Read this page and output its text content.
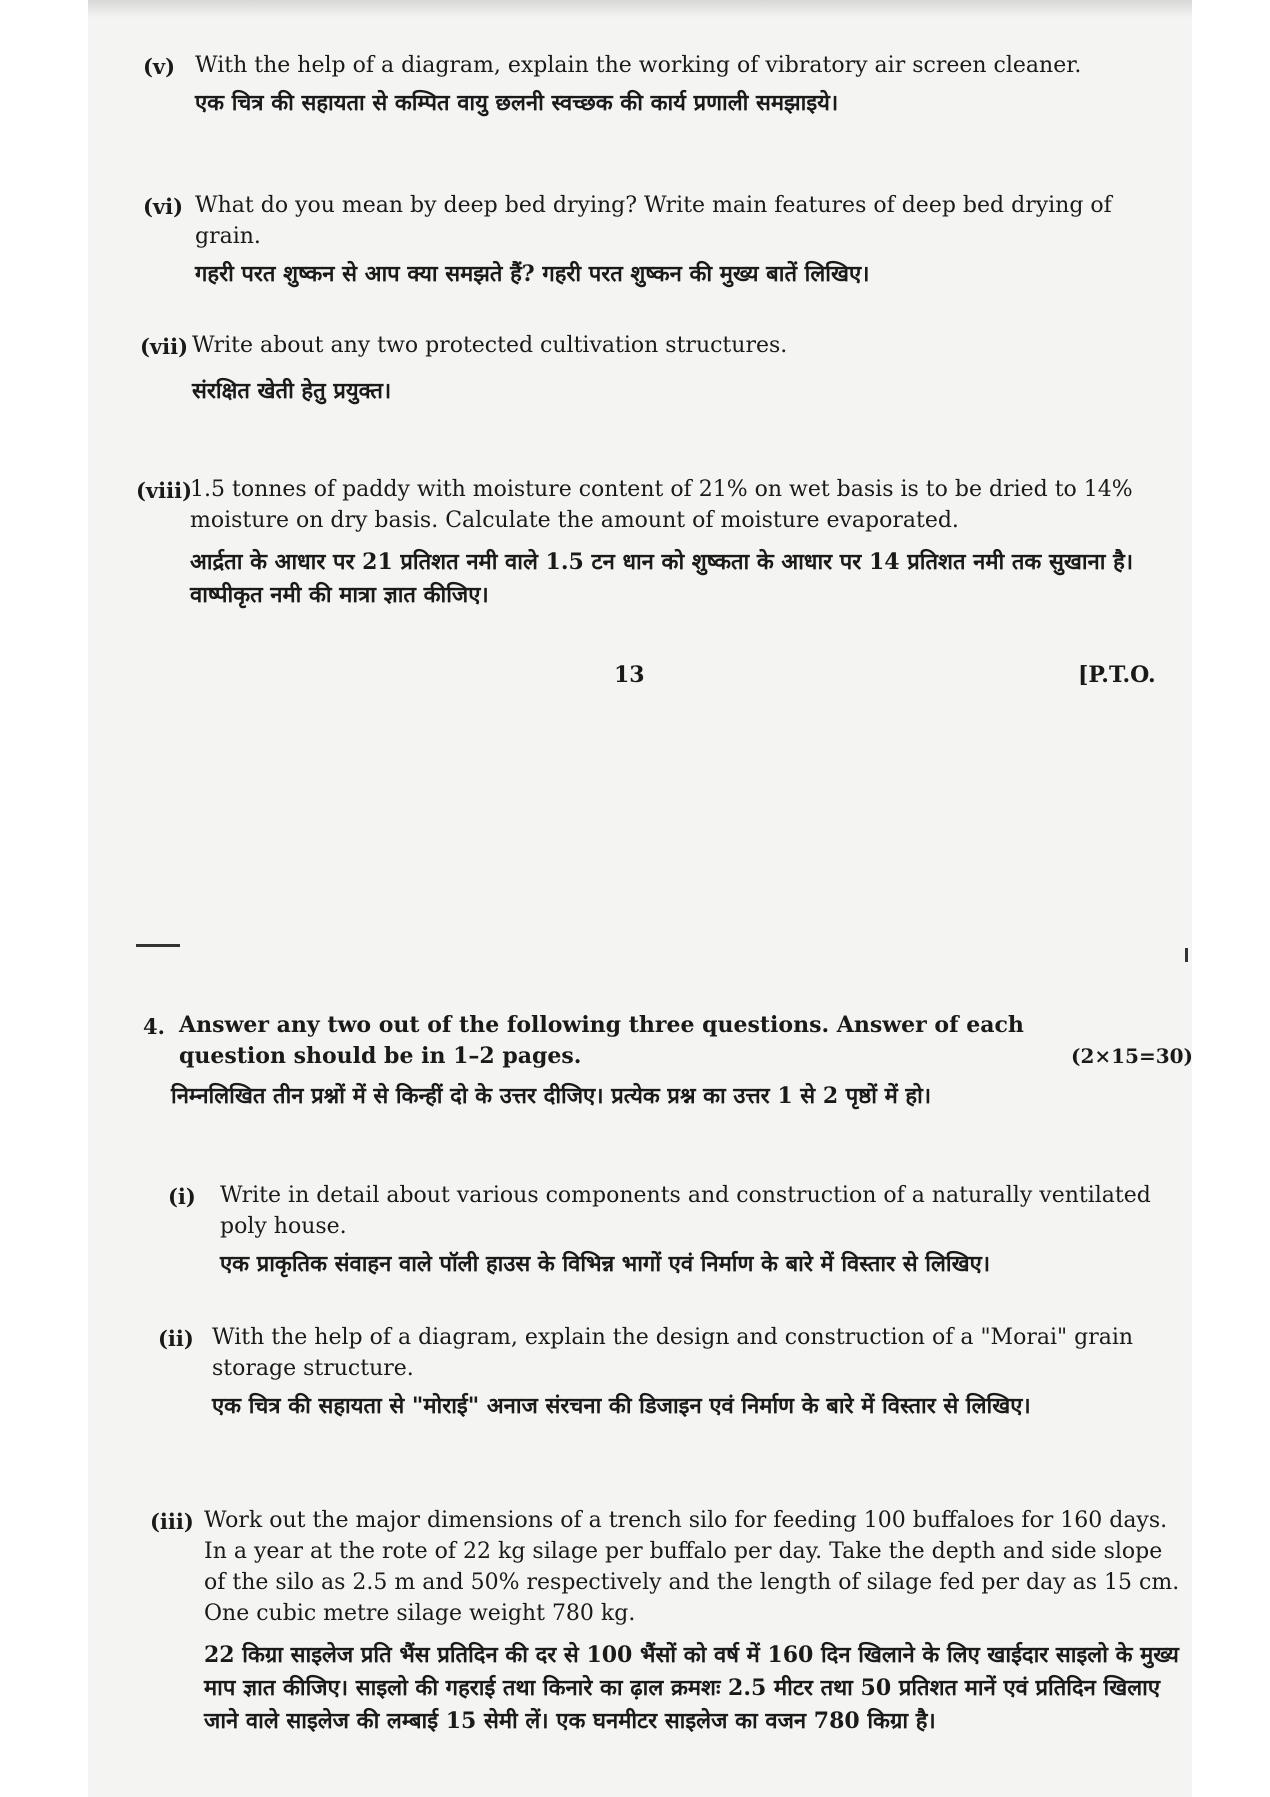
(v) With the help of a diagram, explain the working of vibratory air screen cleaner.
एक चित्र की सहायता से कम्पित वायु छलनी स्वच्छक की कार्य प्रणाली समझाइये।
(vi) What do you mean by deep bed drying? Write main features of deep bed drying of grain.
गहरी परत शुष्कन से आप क्या समझते हैं? गहरी परत शुष्कन की मुख्य बातें लिखिए।
(vii) Write about any two protected cultivation structures.
संरक्षित खेती हेतु प्रयुक्त।
(viii)
1.5 tonnes of paddy with moisture content of 21% on wet basis is to be dried to 14% moisture on dry basis. Calculate the amount of moisture evaporated.
आर्द्रता के आधार पर 21 प्रतिशत नमी वाले 1.5 टन धान को शुष्कता के आधार पर 14 प्रतिशत नमी तक सुखाना है। वाष्पीकृत नमी की मात्रा ज्ञात कीजिए।
13	[P.T.O.
4. Answer any two out of the following three questions. Answer of each question should be in 1–2 pages.	(2×15=30)
निम्नलिखित तीन प्रश्नों में से किन्हीं दो के उत्तर दीजिए। प्रत्येक प्रश्न का उत्तर 1 से 2 पृष्ठों में हो।
(i) Write in detail about various components and construction of a naturally ventilated poly house.
एक प्राकृतिक संवाहन वाले पॉली हाउस के विभिन्न भागों एवं निर्माण के बारे में विस्तार से लिखिए।
(ii) With the help of a diagram, explain the design and construction of a "Morai" grain storage structure.
एक चित्र की सहायता से "मोराई" अनाज संरचना की डिजाइन एवं निर्माण के बारे में विस्तार से लिखिए।
(iii) Work out the major dimensions of a trench silo for feeding 100 buffaloes for 160 days. In a year at the rote of 22 kg silage per buffalo per day. Take the depth and side slope of the silo as 2.5 m and 50% respectively and the length of silage fed per day as 15 cm. One cubic metre silage weight 780 kg.
22 किग्रा साइलेज प्रति भैंस प्रतिदिन की दर से 100 भैंसों को वर्ष में 160 दिन खिलाने के लिए खाईदार साइलो के मुख्य माप ज्ञात कीजिए। साइलो की गहराई तथा किनारे का ढ़ाल क्रमशः 2.5 मीटर तथा 50 प्रतिशत मानें एवं प्रतिदिन खिलाए जाने वाले साइलेज की लम्बाई 15 सेमी लें। एक घनमीटर साइलेज का वजन 780 किग्रा है।
